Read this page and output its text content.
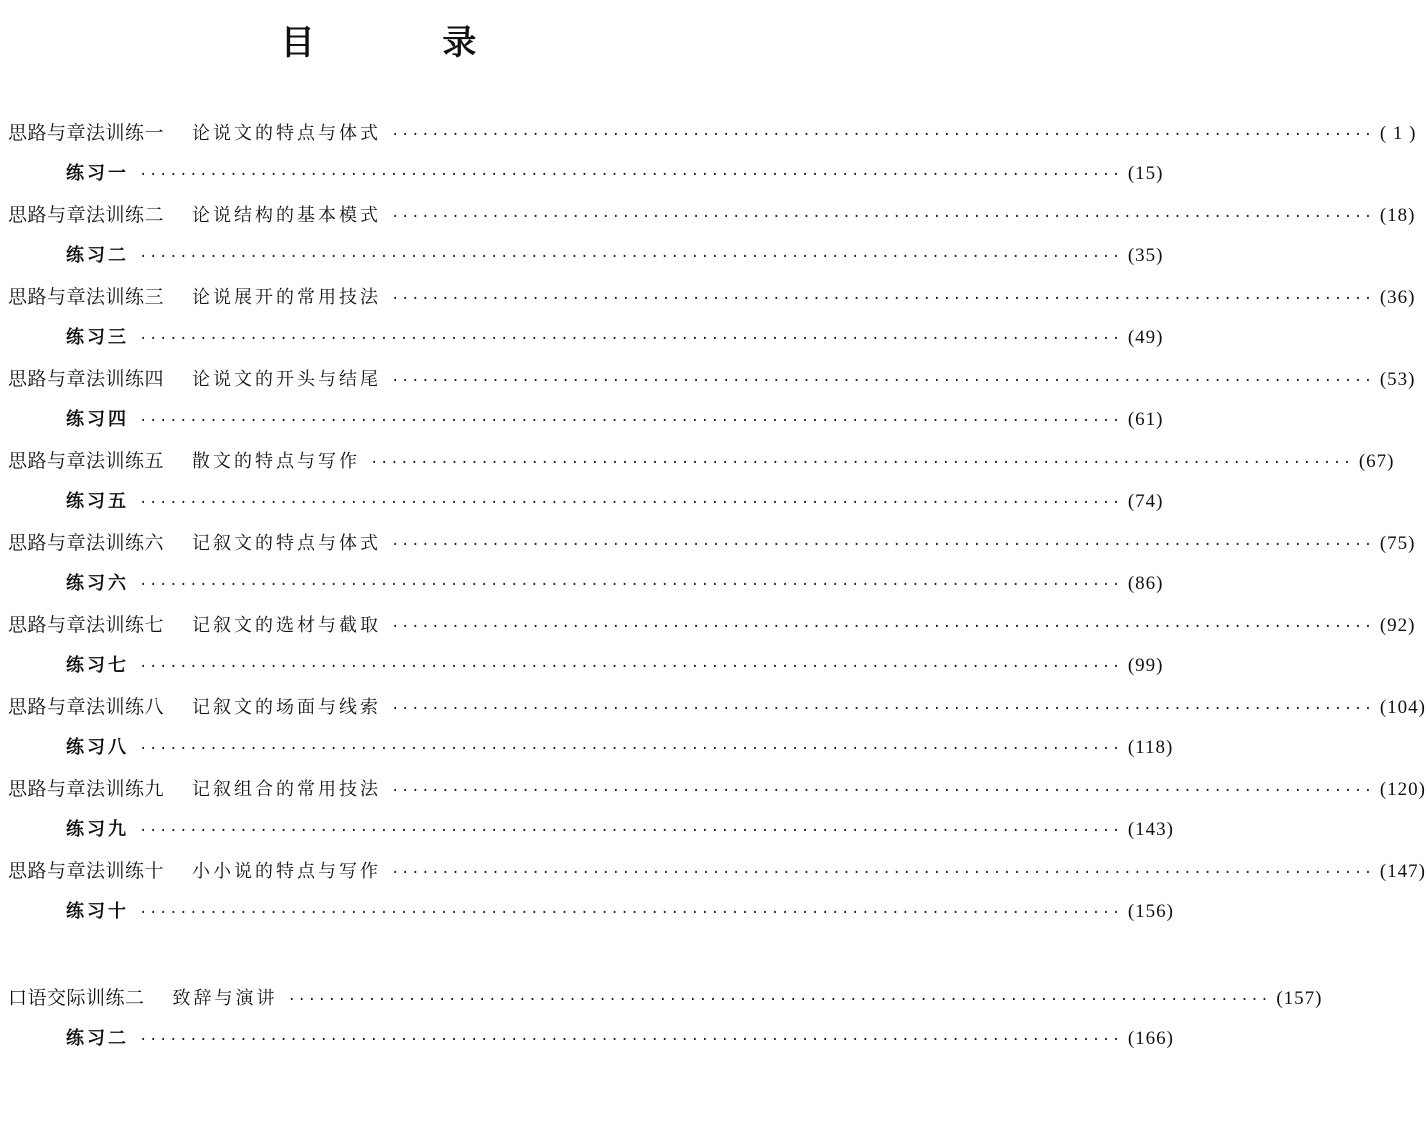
目 录
思路与章法训练一 论说文的特点与体式 ·································································································· ( 1 )
练习一 ·································································································· (15)
思路与章法训练二 论说结构的基本模式 ·································································································· (18)
练习二 ·································································································· (35)
思路与章法训练三 论说展开的常用技法 ·································································································· (36)
练习三 ·································································································· (49)
思路与章法训练四 论说文的开头与结尾 ·································································································· (53)
练习四 ·································································································· (61)
思路与章法训练五 散文的特点与写作 ·································································································· (67)
练习五 ·································································································· (74)
思路与章法训练六 记叙文的特点与体式 ·································································································· (75)
练习六 ·································································································· (86)
思路与章法训练七 记叙文的选材与截取 ·································································································· (92)
练习七 ·································································································· (99)
思路与章法训练八 记叙文的场面与线索 ·································································································· (104)
练习八 ·································································································· (118)
思路与章法训练九 记叙组合的常用技法 ·································································································· (120)
练习九 ·································································································· (143)
思路与章法训练十 小小说的特点与写作 ·································································································· (147)
练习十 ·································································································· (156)
口语交际训练二 致辞与演讲 ·································································································· (157)
练习二 ·································································································· (166)
